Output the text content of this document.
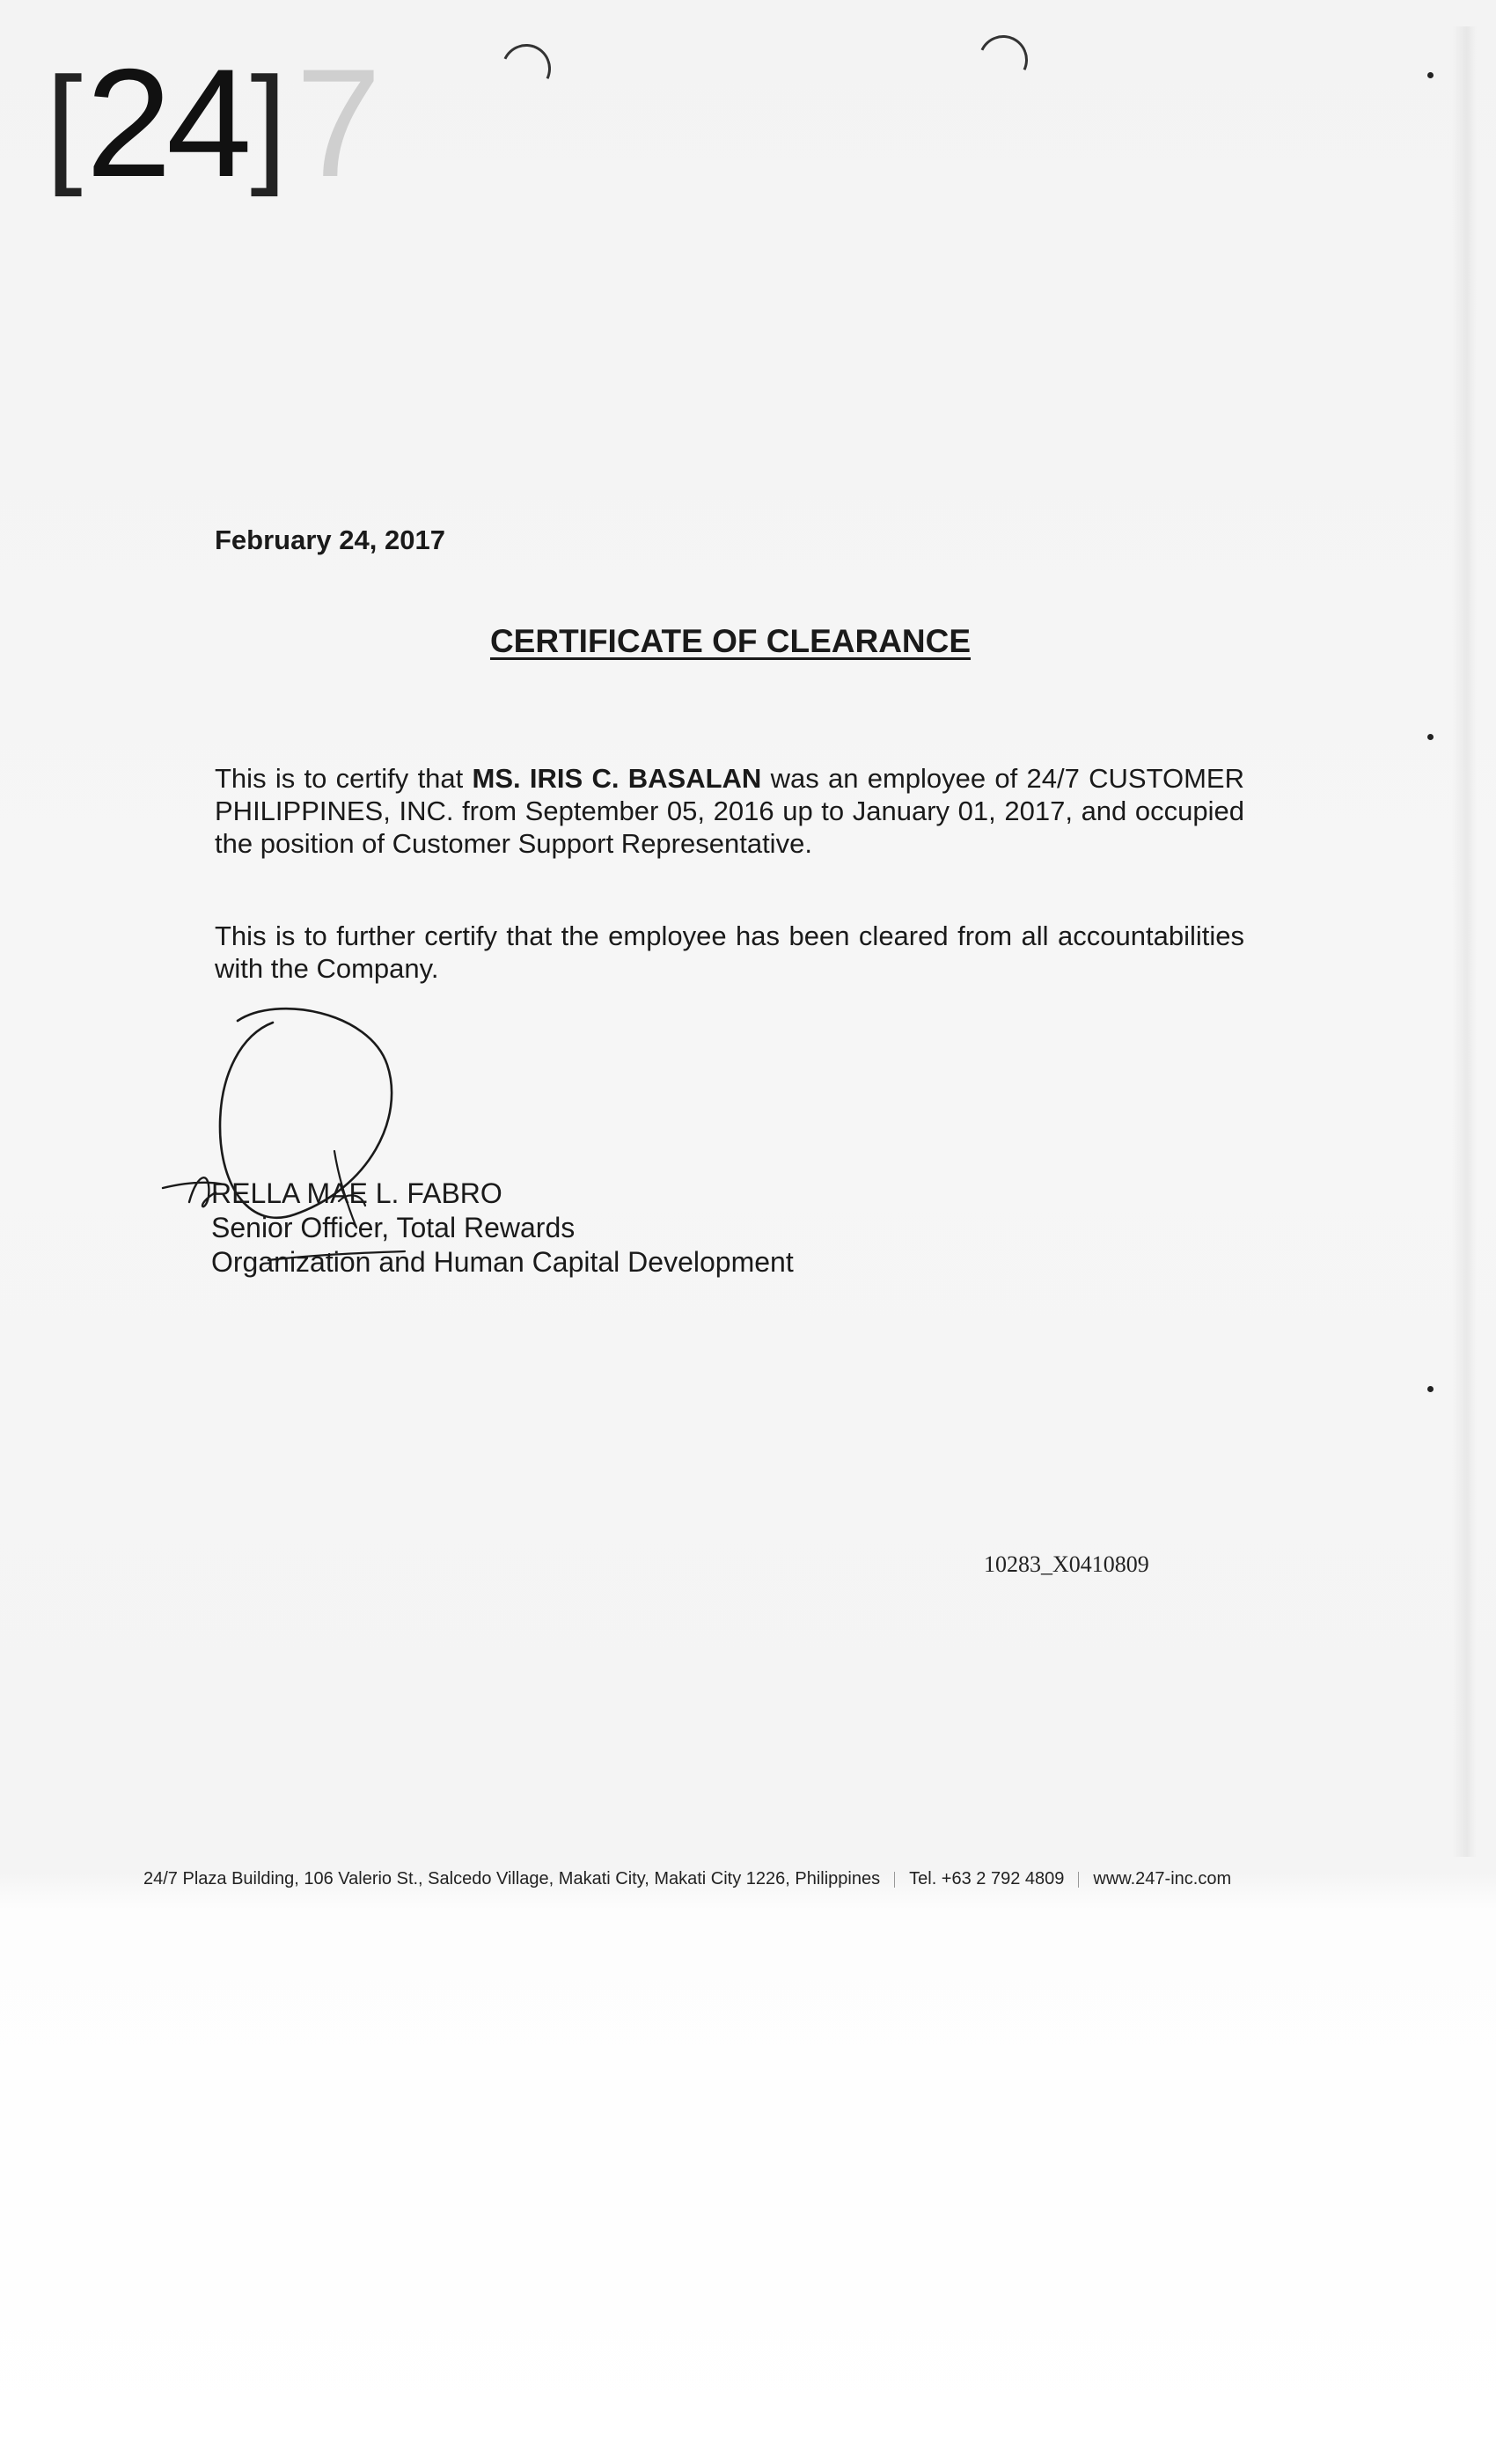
[ 24 ] 7
February 24, 2017
CERTIFICATE OF CLEARANCE
This is to certify that MS. IRIS C. BASALAN was an employee of 24/7 CUSTOMER PHILIPPINES, INC. from September 05, 2016 up to January 01, 2017, and occupied the position of Customer Support Representative.
This is to further certify that the employee has been cleared from all accountabilities with the Company.
RELLA MAE L. FABRO
Senior Officer, Total Rewards
Organization and Human Capital Development
10283_X0410809
24/7 Plaza Building, 106 Valerio St., Salcedo Village, Makati City, Makati City 1226, Philippines Tel. +63 2 792 4809 www.247-inc.com
